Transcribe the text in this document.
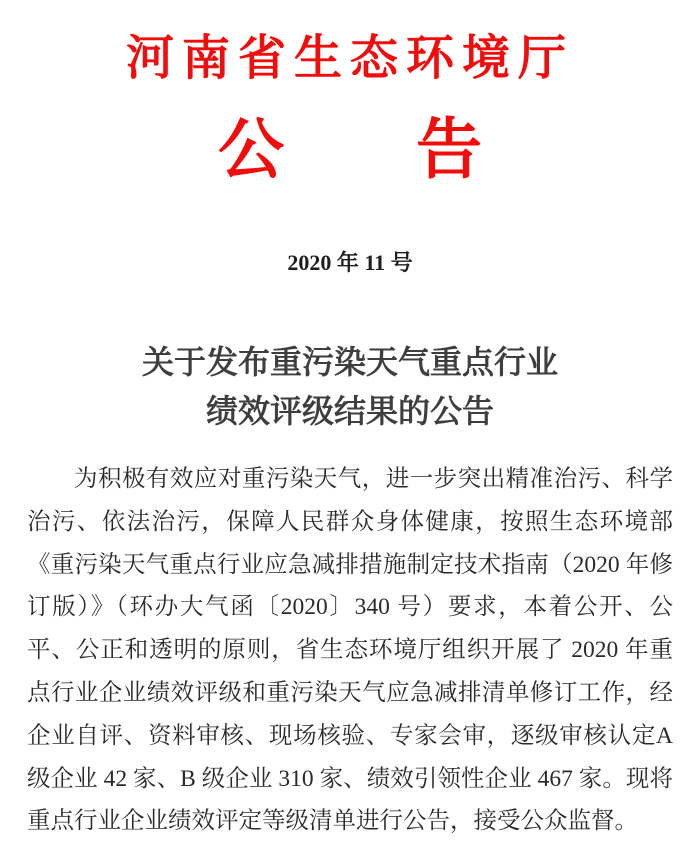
河南省生态环境厅
公　　告
2020 年 11 号
关于发布重污染天气重点行业
绩效评级结果的公告

为积极有效应对重污染天气，进一步突出精准治污、科学治污、依法治污，保障人民群众身体健康，按照生态环境部《重污染天气重点行业应急减排措施制定技术指南（2020 年修订版）》（环办大气函〔2020〕340 号）要求，本着公开、公平、公正和透明的原则，省生态环境厅组织开展了 2020 年重点行业企业绩效评级和重污染天气应急减排清单修订工作，经企业自评、资料审核、现场核验、专家会审，逐级审核认定A 级企业 42 家、B 级企业 310 家、绩效引领性企业 467 家。现将重点行业企业绩效评定等级清单进行公告，接受公众监督。
